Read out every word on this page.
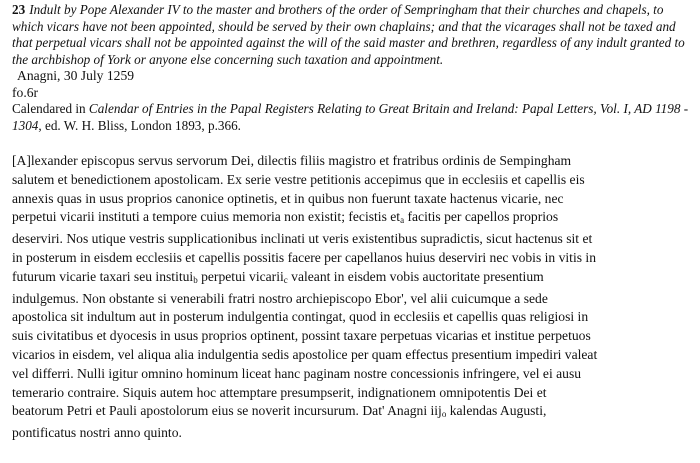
23 Indult by Pope Alexander IV to the master and brothers of the order of Sempringham that their churches and chapels, to which vicars have not been appointed, should be served by their own chaplains; and that the vicarages shall not be taxed and that perpetual vicars shall not be appointed against the will of the said master and brethren, regardless of any indult granted to the archbishop of York or anyone else concerning such taxation and appointment.

Anagni, 30 July 1259

fo.6r

Calendared in Calendar of Entries in the Papal Registers Relating to Great Britain and Ireland: Papal Letters, Vol. I, AD 1198 - 1304, ed. W. H. Bliss, London 1893, p.366.

[A]lexander episcopus servus servorum Dei, dilectis filiis magistro et fratribus ordinis de Sempingham
salutem et benedictionem apostolicam. Ex serie vestre petitionis accepimus que in ecclesiis et capellis eis
annexis quas in usus proprios canonice optinetis, et in quibus non fuerunt taxate hactenus vicarie, nec
perpetui vicarii instituti a tempore cuius memoria non existit; fecistis $et_a$ facitis per capellos proprios
deserviri. Nos utique vestris supplicationibus inclinati ut veris existentibus supradictis, sicut hactenus sit et
in posterum in eisdem ecclesiis et capellis possitis facere per capellanos huius deserviri nec vobis in vitis in
futurum vicarie taxari seu institui$_b$ perpetui vicarii$_c$ valeant in eisdem vobis auctoritate presentium
indulgemus. Non obstante si venerabili fratri nostro archiepiscopo Ebor', vel alii cuicumque a sede
apostolica sit indultum aut in posterum indulgentia contingat, quod in ecclesiis et capellis quas religiosi in
suis civitatibus et dyocesis in usus proprios optinent, possint taxare perpetuas vicarias et institue perpetuos
vicarios in eisdem, vel aliqua alia indulgentia sedis apostolice per quam effectus presentium impediri valeat
vel differri. Nulli igitur omnino hominum liceat hanc paginam nostre concessionis infringere, vel ei ausu
temerario contraire. Siquis autem hoc attemptare presumpserit, indignationem omnipotentis Dei et
beatorum Petri et Pauli apostolorum eius se noverit incursurum. Dat' Anagni iij$_o$ kalendas Augusti,
pontificatus nostri anno quinto.
